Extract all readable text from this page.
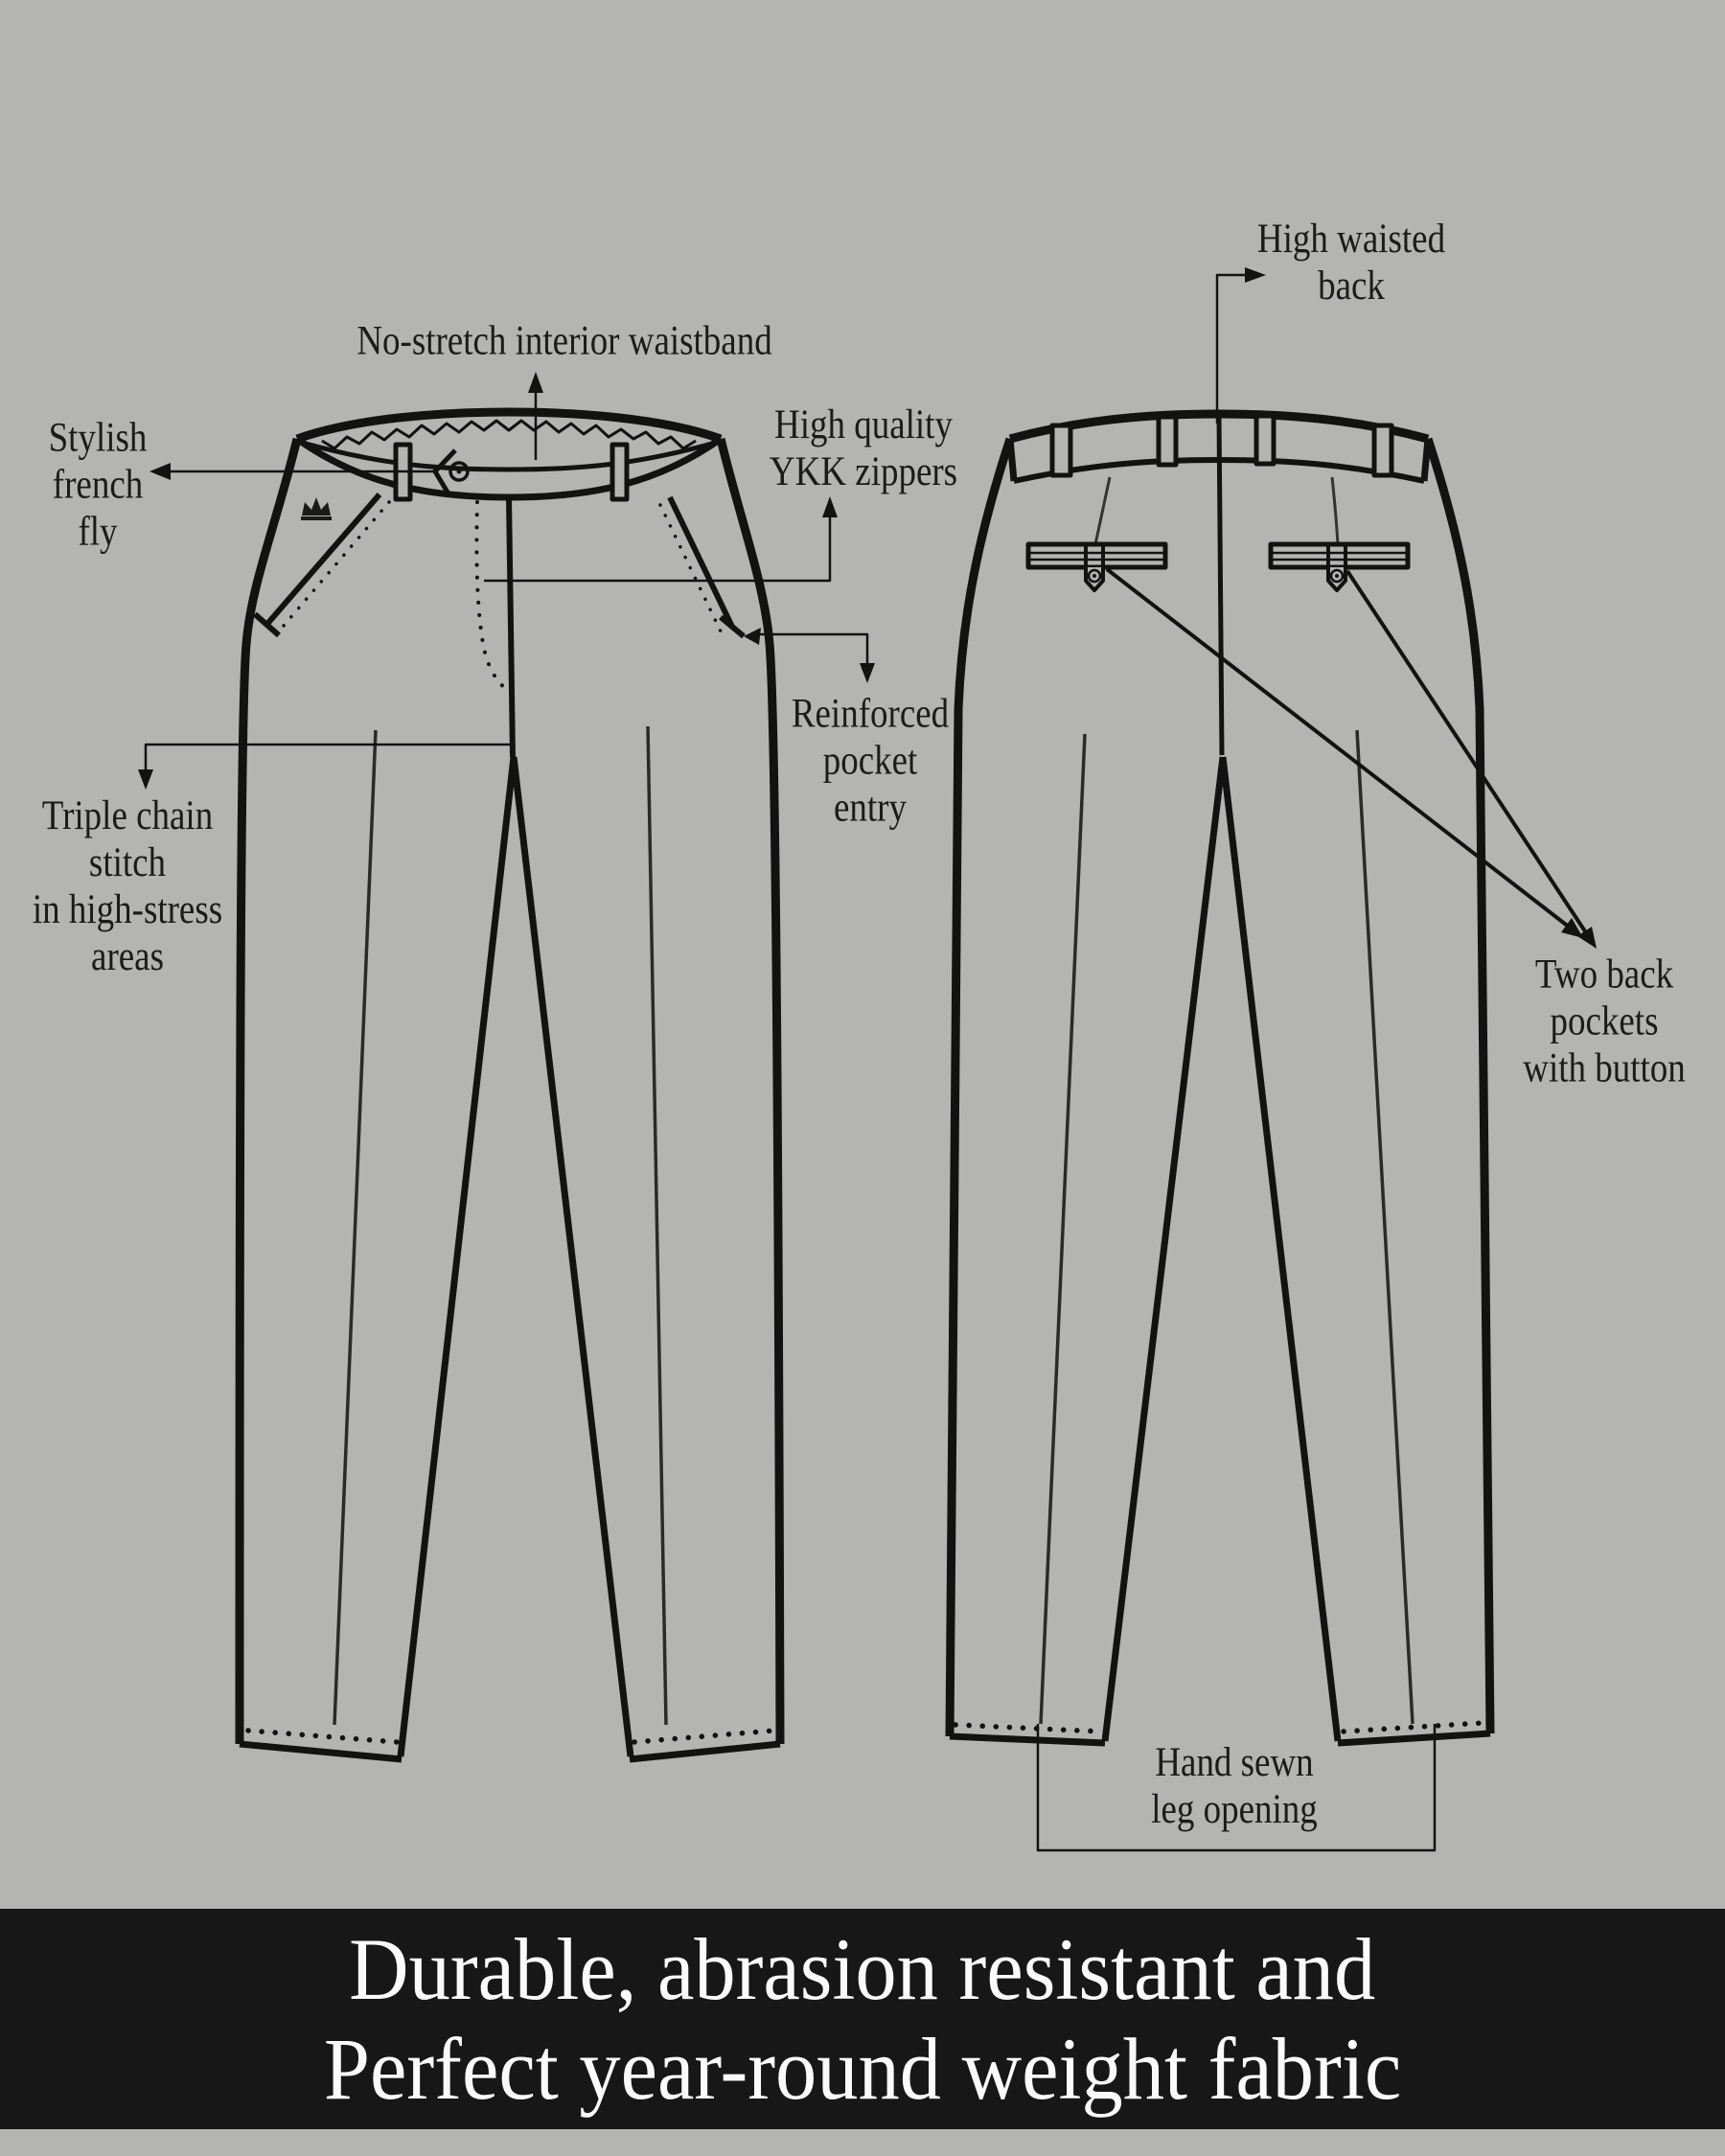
No-stretch interior waistband
Stylish
french
fly
High quality
YKK zippers
High waisted
back
Reinforced
pocket
entry
Triple chain
stitch
in high-stress
areas	Two back
pockets
with button
Hand sewn
leg opening
Durable, abrasion resistant and
Perfect year-round weight fabric
